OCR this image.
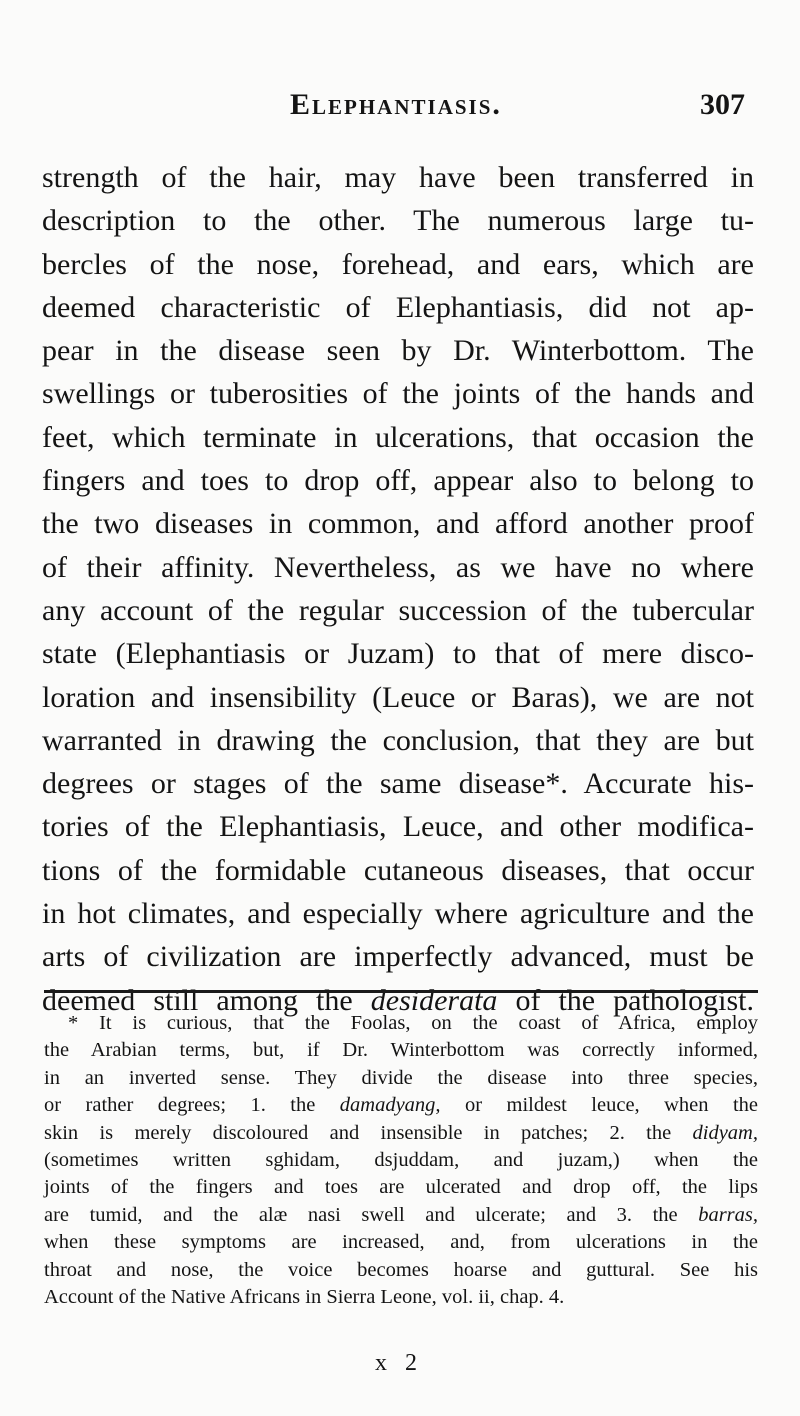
Elephantiasis.	307
strength of the hair, may have been transferred in
description to the other. The numerous large tu-
bercles of the nose, forehead, and ears, which are
deemed characteristic of Elephantiasis, did not ap-
pear in the disease seen by Dr. Winterbottom. The
swellings or tuberosities of the joints of the hands and
feet, which terminate in ulcerations, that occasion the
fingers and toes to drop off, appear also to belong to
the two diseases in common, and afford another proof
of their affinity. Nevertheless, as we have no where
any account of the regular succession of the tubercular
state (Elephantiasis or Juzam) to that of mere disco-
loration and insensibility (Leuce or Baras), we are not
warranted in drawing the conclusion, that they are but
degrees or stages of the same disease*. Accurate his-
tories of the Elephantiasis, Leuce, and other modifica-
tions of the formidable cutaneous diseases, that occur
in hot climates, and especially where agriculture and the
arts of civilization are imperfectly advanced, must be
deemed still among the desiderata of the pathologist.
* It is curious, that the Foolas, on the coast of Africa, employ
the Arabian terms, but, if Dr. Winterbottom was correctly informed,
in an inverted sense. They divide the disease into three species,
or rather degrees; 1. the damadyang, or mildest leuce, when the
skin is merely discoloured and insensible in patches; 2. the didyam,
(sometimes written sghidam, dsjuddam, and juzam,) when the
joints of the fingers and toes are ulcerated and drop off, the lips
are tumid, and the alæ nasi swell and ulcerate; and 3. the barras,
when these symptoms are increased, and, from ulcerations in the
throat and nose, the voice becomes hoarse and guttural. See his
Account of the Native Africans in Sierra Leone, vol. ii, chap. 4.
x 2
